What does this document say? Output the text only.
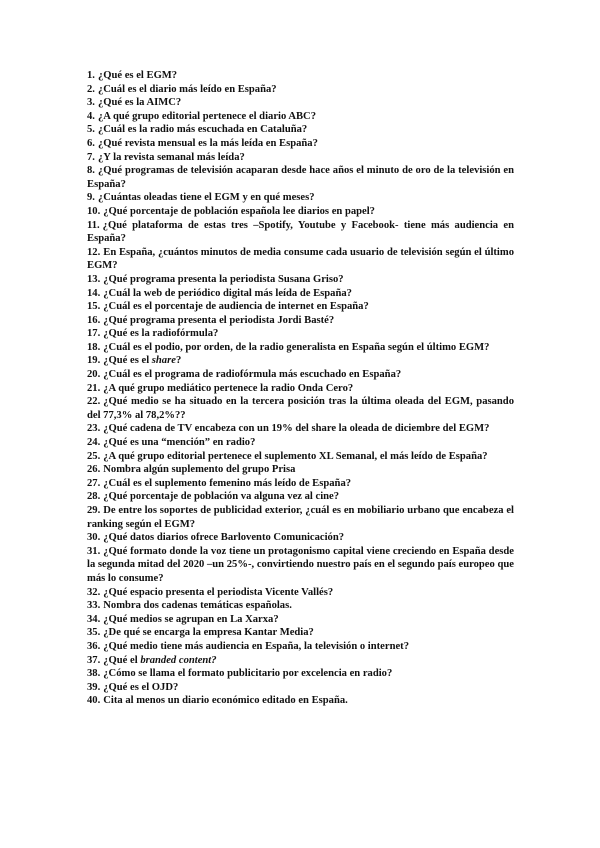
1. ¿Qué es el EGM?
2. ¿Cuál es el diario más leído en España?
3. ¿Qué es la AIMC?
4. ¿A qué grupo editorial pertenece el diario ABC?
5. ¿Cuál es la radio más escuchada en Cataluña?
6. ¿Qué revista mensual es la más leída en España?
7. ¿Y la revista semanal más leída?
8. ¿Qué programas de televisión acaparan desde hace años el minuto de oro de la televisión en España?
9. ¿Cuántas oleadas tiene el EGM y en qué meses?
10. ¿Qué porcentaje de población española lee diarios en papel?
11. ¿Qué plataforma de estas tres –Spotify, Youtube y Facebook- tiene más audiencia en España?
12. En España, ¿cuántos minutos de media consume cada usuario de televisión según el último EGM?
13. ¿Qué programa presenta la periodista Susana Griso?
14. ¿Cuál la web de periódico digital más leída de España?
15. ¿Cuál es el porcentaje de audiencia de internet en España?
16. ¿Qué programa presenta el periodista Jordi Basté?
17. ¿Qué es la radiofórmula?
18. ¿Cuál es el podio, por orden, de la radio generalista en España según el último EGM?
19. ¿Qué es el share?
20. ¿Cuál es el programa de radiofórmula más escuchado en España?
21. ¿A qué grupo mediático pertenece la radio Onda Cero?
22. ¿Qué medio se ha situado en la tercera posición tras la última oleada del EGM, pasando del 77,3% al 78,2%??
23. ¿Qué cadena de TV encabeza con un 19% del share la oleada de diciembre del EGM?
24. ¿Qué es una “mención” en radio?
25. ¿A qué grupo editorial pertenece el suplemento XL Semanal, el más leído de España?
26. Nombra algún suplemento del grupo Prisa
27. ¿Cuál es el suplemento femenino más leído de España?
28. ¿Qué porcentaje de población va alguna vez al cine?
29. De entre los soportes de publicidad exterior, ¿cuál es en mobiliario urbano que encabeza el ranking según el EGM?
30. ¿Qué datos diarios ofrece Barlovento Comunicación?
31. ¿Qué formato donde la voz tiene un protagonismo capital viene creciendo en España desde la segunda mitad del 2020 –un 25%-, convirtiendo nuestro país en el segundo país europeo que más lo consume?
32. ¿Qué espacio presenta el periodista Vicente Vallés?
33. Nombra dos cadenas temáticas españolas.
34. ¿Qué medios se agrupan en La Xarxa?
35. ¿De qué se encarga la empresa Kantar Media?
36. ¿Qué medio tiene más audiencia en España, la televisión o internet?
37. ¿Qué el branded content?
38. ¿Cómo se llama el formato publicitario por excelencia en radio?
39. ¿Qué es el OJD?
40. Cita al menos un diario económico editado en España.
